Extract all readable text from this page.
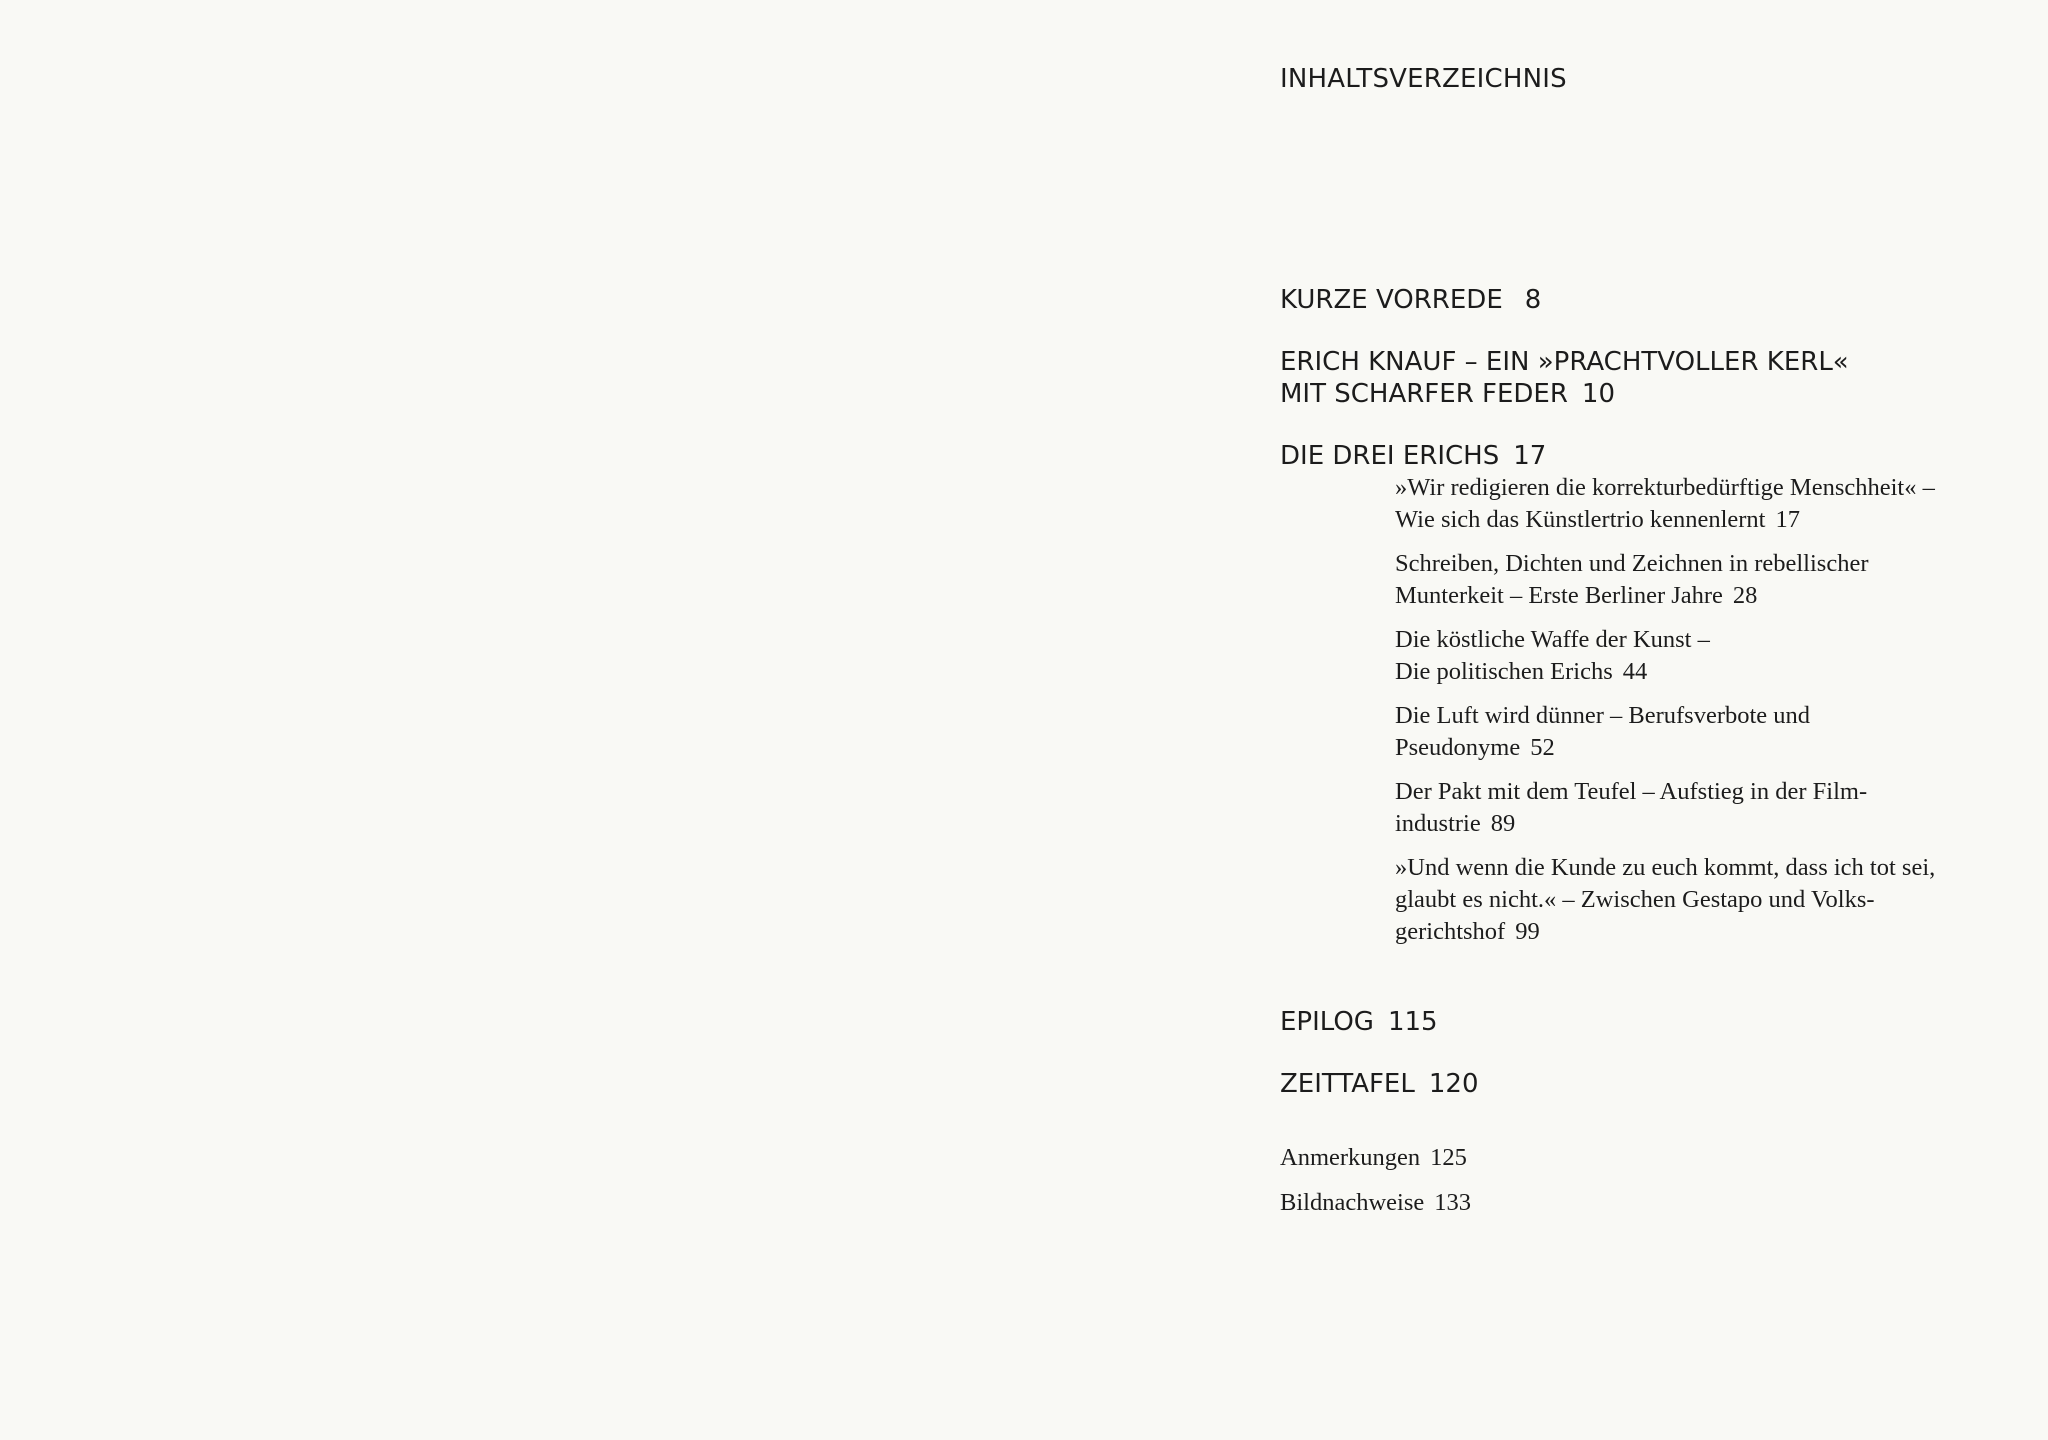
INHALTSVERZEICHNIS
KURZE VORREDE 8
ERICH KNAUF – EIN »PRACHTVOLLER KERL«
MIT SCHARFER FEDER 10
DIE DREI ERICHS 17
»Wir redigieren die korrekturbedürftige Menschheit« –
Wie sich das Künstlertrio kennenlernt 17
Schreiben, Dichten und Zeichnen in rebellischer
Munterkeit – Erste Berliner Jahre 28
Die köstliche Waffe der Kunst –
Die politischen Erichs 44
Die Luft wird dünner – Berufsverbote und
Pseudonyme 52
Der Pakt mit dem Teufel – Aufstieg in der Film-
industrie 89
»Und wenn die Kunde zu euch kommt, dass ich tot sei,
glaubt es nicht.« – Zwischen Gestapo und Volks-
gerichtshof 99
EPILOG 115
ZEITTAFEL 120
Anmerkungen 125
Bildnachweise 133
